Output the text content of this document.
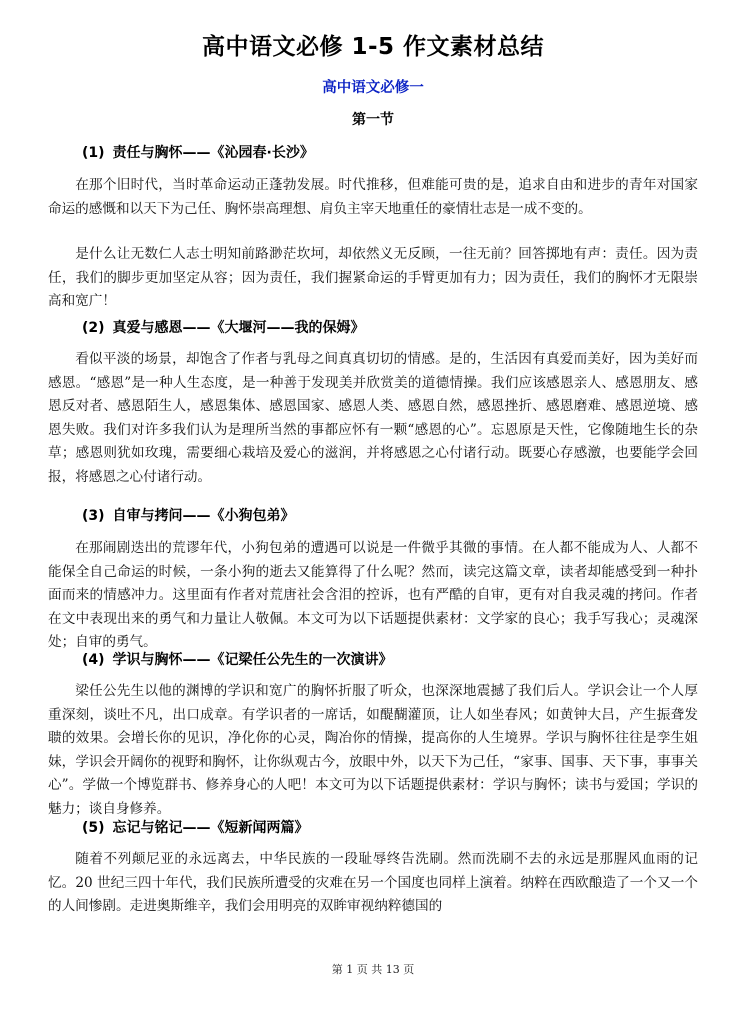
高中语文必修 1-5 作文素材总结
高中语文必修一
第一节
(1) 责任与胸怀——《沁园春·长沙》

在那个旧时代，当时革命运动正蓬勃发展。时代推移，但难能可贵的是，追求自由和进步的青年对国家命运的感慨和以天下为己任、胸怀崇高理想、肩负主宰天地重任的豪情壮志是一成不变的。

是什么让无数仁人志士明知前路渺茫坎坷，却依然义无反顾，一往无前？回答掷地有声：责任。因为责任，我们的脚步更加坚定从容；因为责任，我们握紧命运的手臂更加有力；因为责任，我们的胸怀才无限崇高和宽广！

(2) 真爱与感恩——《大堰河——我的保姆》

看似平淡的场景，却饱含了作者与乳母之间真真切切的情感。是的，生活因有真爱而美好，因为美好而感恩。“感恩”是一种人生态度，是一种善于发现美并欣赏美的道德情操。我们应该感恩亲人、感恩朋友、感恩反对者、感恩陌生人，感恩集体、感恩国家、感恩人类、感恩自然，感恩挫折、感恩磨难、感恩逆境、感恩失败。我们对许多我们认为是理所当然的事都应怀有一颗“感恩的心”。忘恩原是天性，它像随地生长的杂草；感恩则犹如玫瑰，需要细心栽培及爱心的滋润，并将感恩之心付诸行动。既要心存感激，也要能学会回报，将感恩之心付诸行动。

(3) 自审与拷问——《小狗包弟》

在那闹剧迭出的荒谬年代，小狗包弟的遭遇可以说是一件微乎其微的事情。在人都不能成为人、人都不能保全自己命运的时候，一条小狗的逝去又能算得了什么呢？然而，读完这篇文章，读者却能感受到一种扑面而来的情感冲力。这里面有作者对荒唐社会含泪的控诉，也有严酷的自审，更有对自我灵魂的拷问。作者在文中表现出来的勇气和力量让人敬佩。本文可为以下话题提供素材：文学家的良心；我手写我心；灵魂深处；自审的勇气。

(4) 学识与胸怀——《记梁任公先生的一次演讲》

梁任公先生以他的渊博的学识和宽广的胸怀折服了听众，也深深地震撼了我们后人。学识会让一个人厚重深刻，谈吐不凡，出口成章。有学识者的一席话，如醍醐灌顶，让人如坐春风；如黄钟大吕，产生振聋发聩的效果。会增长你的见识，净化你的心灵，陶冶你的情操，提高你的人生境界。学识与胸怀往往是孪生姐妹，学识会开阔你的视野和胸怀，让你纵观古今，放眼中外，以天下为己任，“家事、国事、天下事，事事关心”。学做一个博览群书、修养身心的人吧！本文可为以下话题提供素材：学识与胸怀；读书与爱国；学识的魅力；谈自身修养。

(5) 忘记与铭记——《短新闻两篇》

随着不列颠尼亚的永远离去，中华民族的一段耻辱终告洗刷。然而洗刷不去的永远是那腥风血雨的记忆。20 世纪三四十年代，我们民族所遭受的灾难在另一个国度也同样上演着。纳粹在西欧酿造了一个又一个的人间惨剧。走进奥斯维辛，我们会用明亮的双眸审视纳粹德国的

第 1 页 共 13 页
